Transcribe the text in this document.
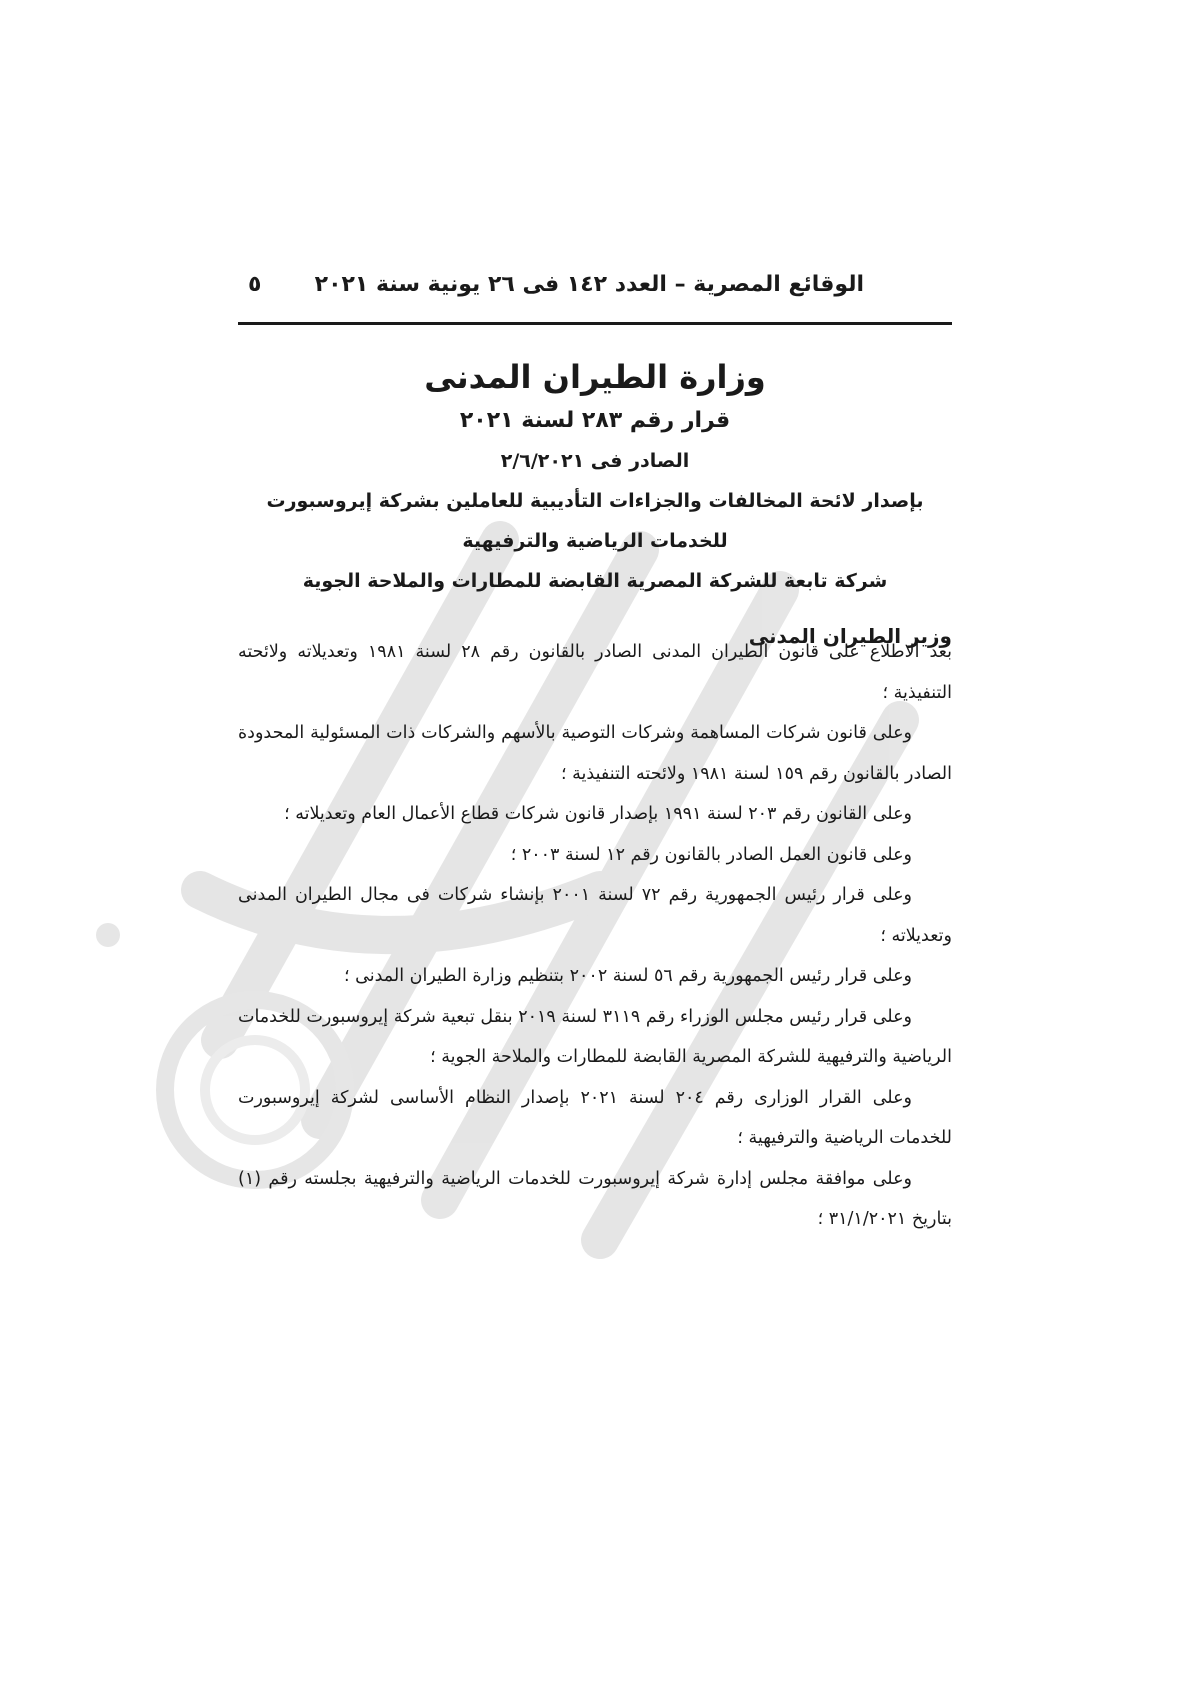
الوقائع المصرية – العدد ١٤٢ فى ٢٦ يونية سنة ٢٠٢١
٥

وزارة الطيران المدنى

قرار رقم ٢٨٣ لسنة ٢٠٢١

الصادر فى ٢/٦/٢٠٢١

بإصدار لائحة المخالفات والجزاءات التأديبية للعاملين بشركة إيروسبورت

للخدمات الرياضية والترفيهية

شركة تابعة للشركة المصرية القابضة للمطارات والملاحة الجوية

وزير الطيران المدنى

بعد الاطلاع على قانون الطيران المدنى الصادر بالقانون رقم ٢٨ لسنة ١٩٨١ وتعديلاته ولائحته التنفيذية ؛

وعلى قانون شركات المساهمة وشركات التوصية بالأسهم والشركات ذات المسئولية المحدودة الصادر بالقانون رقم ١٥٩ لسنة ١٩٨١ ولائحته التنفيذية ؛

وعلى القانون رقم ٢٠٣ لسنة ١٩٩١ بإصدار قانون شركات قطاع الأعمال العام وتعديلاته ؛

وعلى قانون العمل الصادر بالقانون رقم ١٢ لسنة ٢٠٠٣ ؛

وعلى قرار رئيس الجمهورية رقم ٧٢ لسنة ٢٠٠١ بإنشاء شركات فى مجال الطيران المدنى وتعديلاته ؛

وعلى قرار رئيس الجمهورية رقم ٥٦ لسنة ٢٠٠٢ بتنظيم وزارة الطيران المدنى ؛

وعلى قرار رئيس مجلس الوزراء رقم ٣١١٩ لسنة ٢٠١٩ بنقل تبعية شركة إيروسبورت للخدمات الرياضية والترفيهية للشركة المصرية القابضة للمطارات والملاحة الجوية ؛

وعلى القرار الوزارى رقم ٢٠٤ لسنة ٢٠٢١ بإصدار النظام الأساسى لشركة إيروسبورت للخدمات الرياضية والترفيهية ؛

وعلى موافقة مجلس إدارة شركة إيروسبورت للخدمات الرياضية والترفيهية بجلسته رقم (١) بتاريخ ٣١/١/٢٠٢١ ؛
